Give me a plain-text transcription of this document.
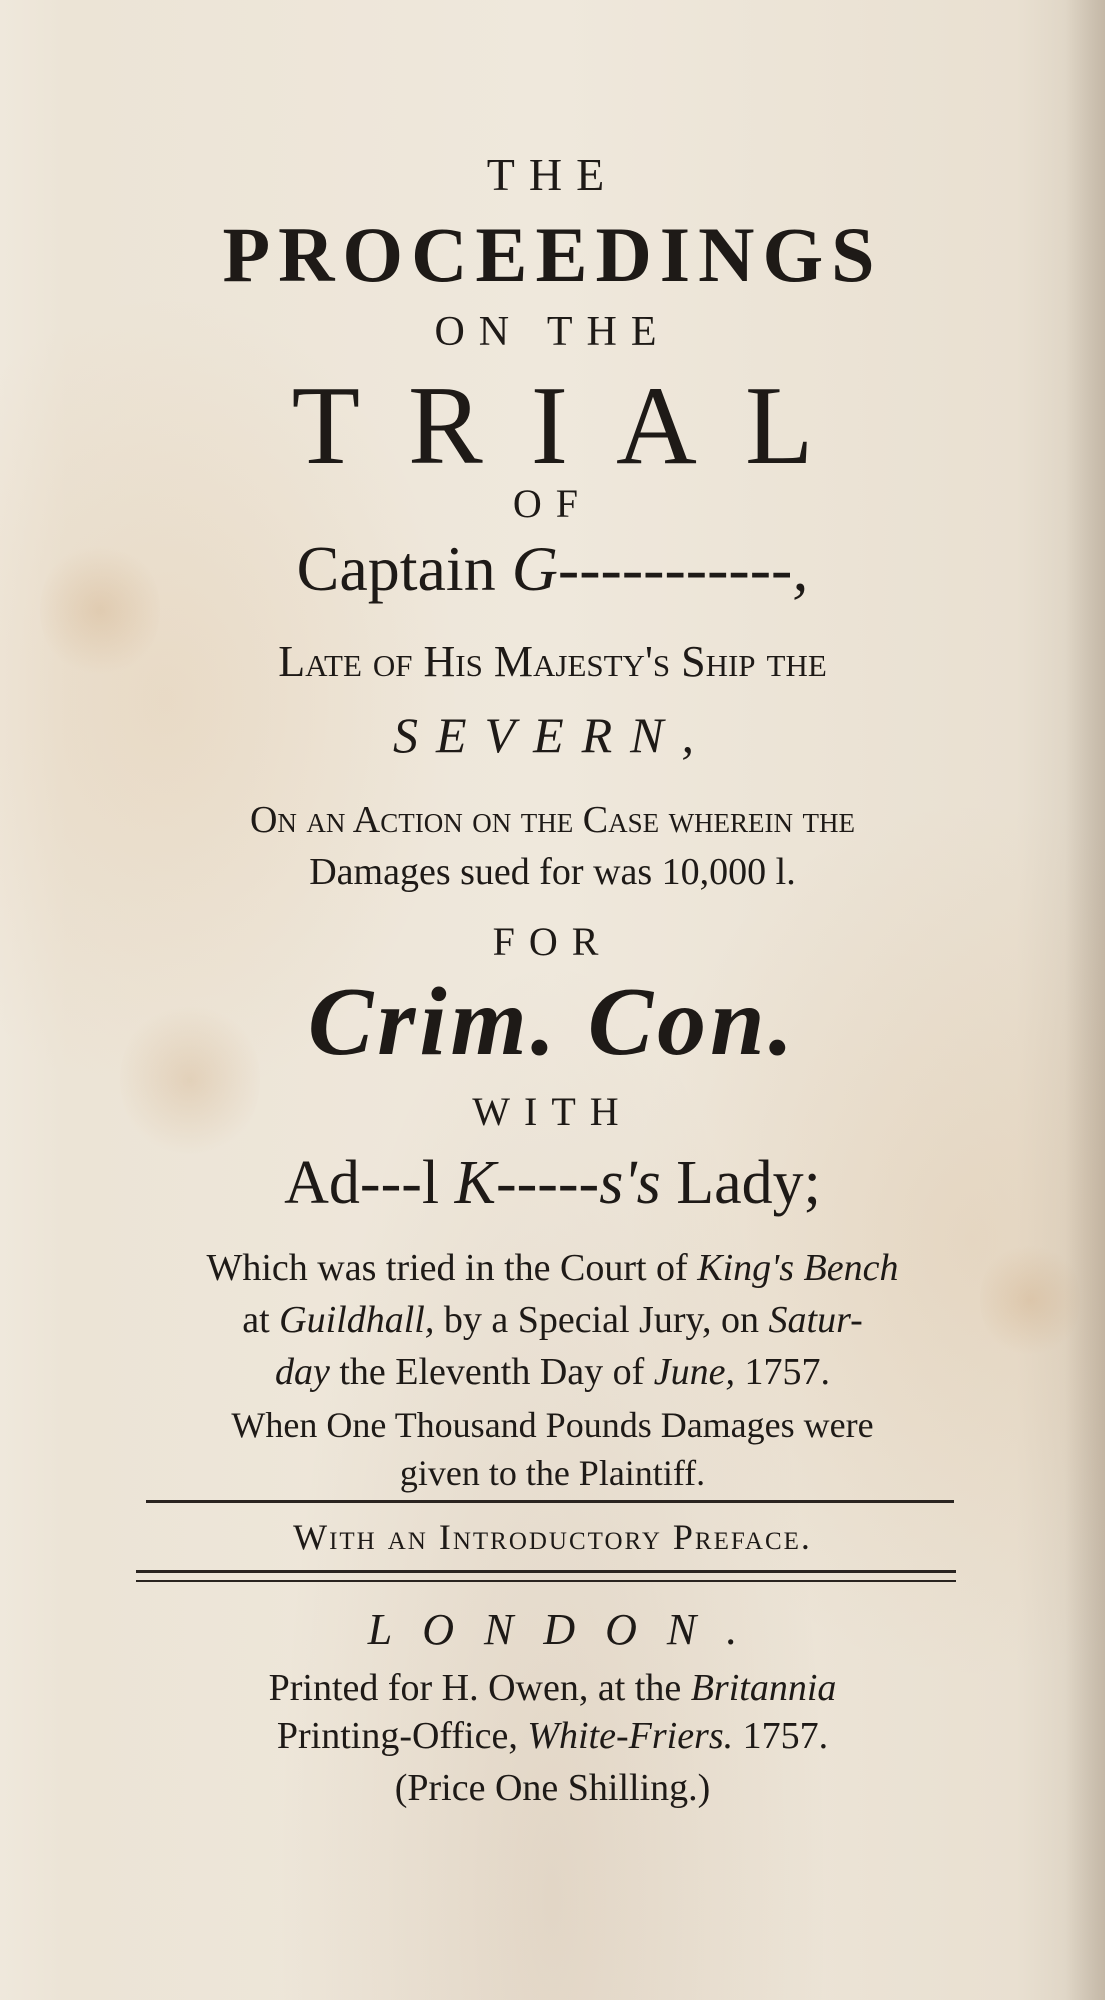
THE
PROCEEDINGS
ON THE
TRIAL
OF
Captain G-----------,
Late of His Majesty's Ship the
SEVERN,
On an Action on the Case wherein the
Damages sued for was 10,000 l.
FOR
Crim. Con.
WITH
Ad---l K-----s's Lady;
Which was tried in the Court of King's Bench
at Guildhall, by a Special Jury, on Satur-
day the Eleventh Day of June, 1757.
When One Thousand Pounds Damages were
given to the Plaintiff.
With an Introductory Preface.
LONDON.
Printed for H. Owen, at the Britannia
Printing-Office, White-Friers. 1757.
(Price One Shilling.)
